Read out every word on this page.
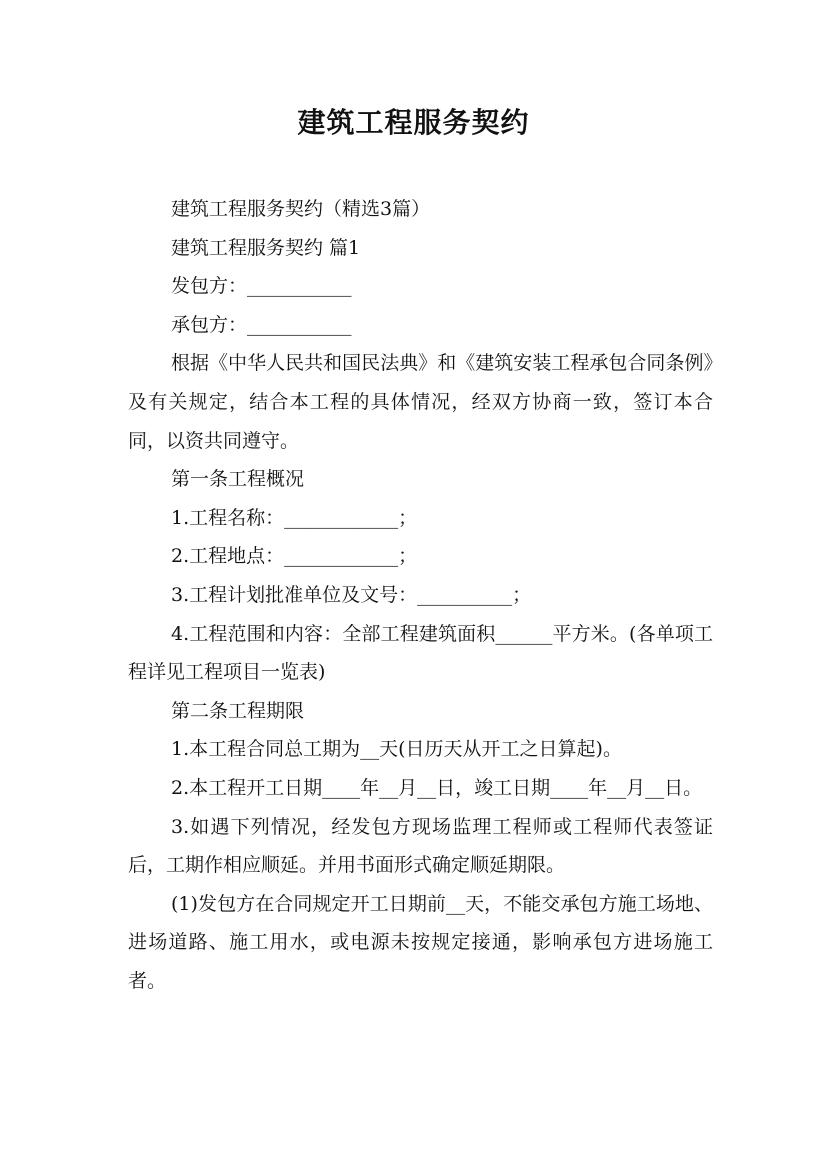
建筑工程服务契约

建筑工程服务契约（精选3篇）

建筑工程服务契约 篇1

发包方：___________

承包方：___________

根据《中华人民共和国民法典》和《建筑安装工程承包合同条例》及有关规定，结合本工程的具体情况，经双方协商一致，签订本合同，以资共同遵守。

第一条工程概况

1.工程名称：____________；

2.工程地点：____________；

3.工程计划批准单位及文号：__________；

4.工程范围和内容：全部工程建筑面积______平方米。(各单项工程详见工程项目一览表)

第二条工程期限

1.本工程合同总工期为__天(日历天从开工之日算起)。

2.本工程开工日期____年__月__日，竣工日期____年__月__日。

3.如遇下列情况，经发包方现场监理工程师或工程师代表签证后，工期作相应顺延。并用书面形式确定顺延期限。

(1)发包方在合同规定开工日期前__天，不能交承包方施工场地、进场道路、施工用水，或电源未按规定接通，影响承包方进场施工者。
